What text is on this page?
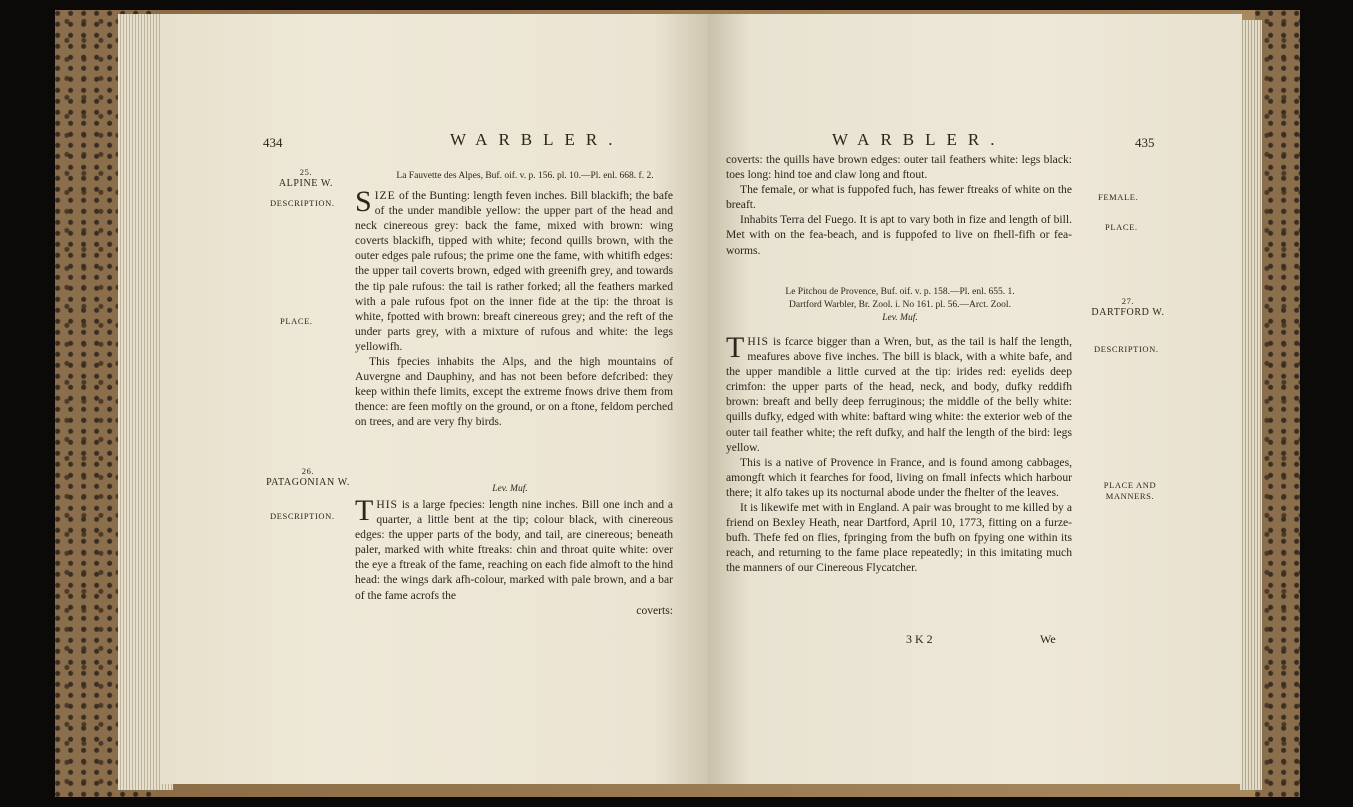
434	WARBLER.
25.
ALPINE W.
La Fauvette des Alpes, Buf. oif. v. p. 156. pl. 10.—Pl. enl. 668. f. 2.
DESCRIPTION.
PLACE.

SIZE of the Bunting: length feven inches. Bill blackifh; the bafe of the under mandible yellow: the upper part of the head and neck cinereous grey: back the fame, mixed with brown: wing coverts blackifh, tipped with white; fecond quills brown, with the outer edges pale rufous; the prime one the fame, with whitifh edges: the upper tail coverts brown, edged with greenifh grey, and towards the tip pale rufous: the tail is rather forked; all the feathers marked with a pale rufous fpot on the inner fide at the tip: the throat is white, fpotted with brown: breaft cinereous grey; and the reft of the under parts grey, with a mixture of rufous and white: the legs yellowifh.

This fpecies inhabits the Alps, and the high mountains of Auvergne and Dauphiny, and has not been before defcribed: they keep within thefe limits, except the extreme fnows drive them from thence: are feen moftly on the ground, or on a ftone, feldom perched on trees, and are very fhy birds.

26.
PATAGONIAN W.
Lev. Muf.
DESCRIPTION. THIS is a large fpecies: length nine inches. Bill one inch and a quarter, a little bent at the tip; colour black, with cinereous edges: the upper parts of the body, and tail, are cinereous; beneath paler, marked with white ftreaks: chin and throat quite white: over the eye a ftreak of the fame, reaching on each fide almoft to the hind head: the wings dark afh-colour, marked with pale brown, and a bar of the fame acrofs the

coverts:
WARBLER.	435

coverts: the quills have brown edges: outer tail feathers white: legs black: toes long: hind toe and claw long and ftout.

The female, or what is fuppofed fuch, has fewer ftreaks of white on the breaft.

Inhabits Terra del Fuego. It is apt to vary both in fize and length of bill. Met with on the fea-beach, and is fuppofed to live on fhell-fifh or fea-worms.

FEMALE.
PLACE.
Le Pitchou de Provence, Buf. oif. v. p. 158.—Pl. enl. 655. 1.
Dartford Warbler, Br. Zool. i. No 161. pl. 56.—Arct. Zool.
Lev. Muf.
27.
DARTFORD W.
DESCRIPTION.
PLACE AND MANNERS.

THIS is fcarce bigger than a Wren, but, as the tail is half the length, meafures above five inches. The bill is black, with a white bafe, and the upper mandible a little curved at the tip: irides red: eyelids deep crimfon: the upper parts of the head, neck, and body, dufky reddifh brown: breaft and belly deep ferruginous; the middle of the belly white: quills dufky, edged with white: baftard wing white: the exterior web of the outer tail feather white; the reft dufky, and half the length of the bird: legs yellow.

This is a native of Provence in France, and is found among cabbages, amongft which it fearches for food, living on fmall infects which harbour there; it alfo takes up its nocturnal abode under the fhelter of the leaves.

It is likewife met with in England. A pair was brought to me killed by a friend on Bexley Heath, near Dartford, April 10, 1773, fitting on a furze-bufh. Thefe fed on flies, fpringing from the bufh on fpying one within its reach, and returning to the fame place repeatedly; in this imitating much the manners of our Cinereous Flycatcher.

3 K 2	We
